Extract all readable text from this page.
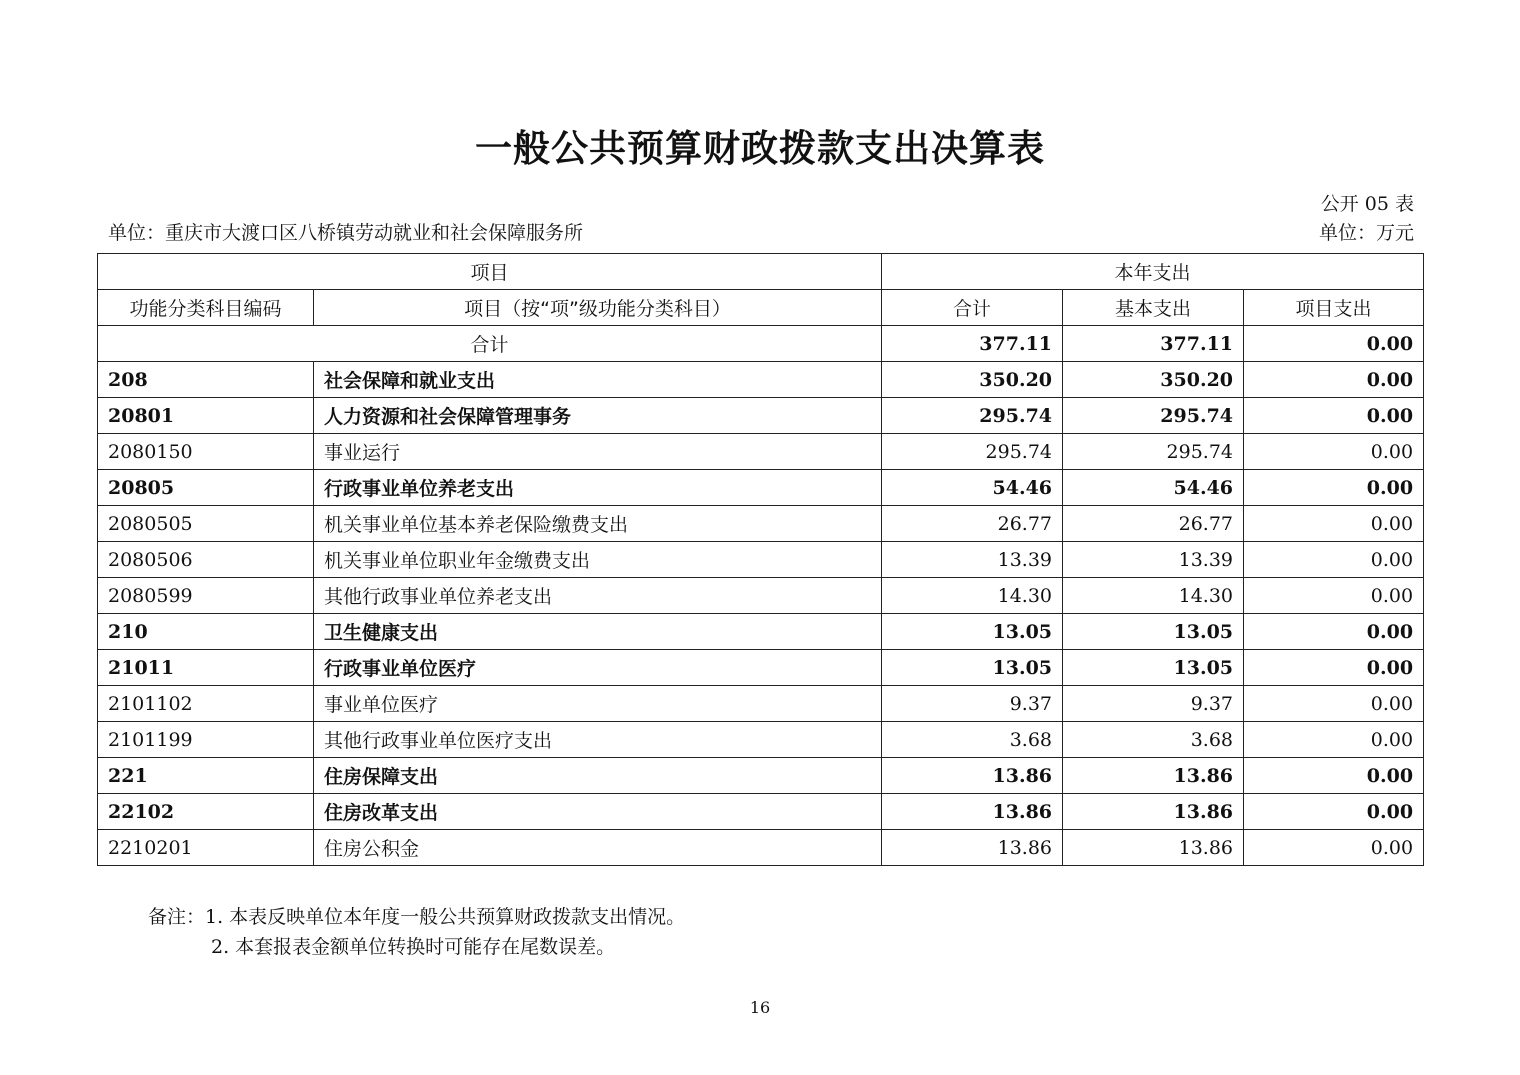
一般公共预算财政拨款支出决算表
公开 05 表
单位：重庆市大渡口区八桥镇劳动就业和社会保障服务所	单位：万元
项目		本年支出		
功能分类科目编码	项目（按“项”级功能分类科目）	合计	基本支出	项目支出
合计		377.11	377.11	0.00
208	社会保障和就业支出	350.20	350.20	0.00
20801	人力资源和社会保障管理事务	295.74	295.74	0.00
2080150	事业运行	295.74	295.74	0.00
20805	行政事业单位养老支出	54.46	54.46	0.00
2080505	机关事业单位基本养老保险缴费支出	26.77	26.77	0.00
2080506	机关事业单位职业年金缴费支出	13.39	13.39	0.00
2080599	其他行政事业单位养老支出	14.30	14.30	0.00
210	卫生健康支出	13.05	13.05	0.00
21011	行政事业单位医疗	13.05	13.05	0.00
2101102	事业单位医疗	9.37	9.37	0.00
2101199	其他行政事业单位医疗支出	3.68	3.68	0.00
221	住房保障支出	13.86	13.86	0.00
22102	住房改革支出	13.86	13.86	0.00
2210201	住房公积金	13.86	13.86	0.00
备注：1. 本表反映单位本年度一般公共预算财政拨款支出情况。
2. 本套报表金额单位转换时可能存在尾数误差。
16
